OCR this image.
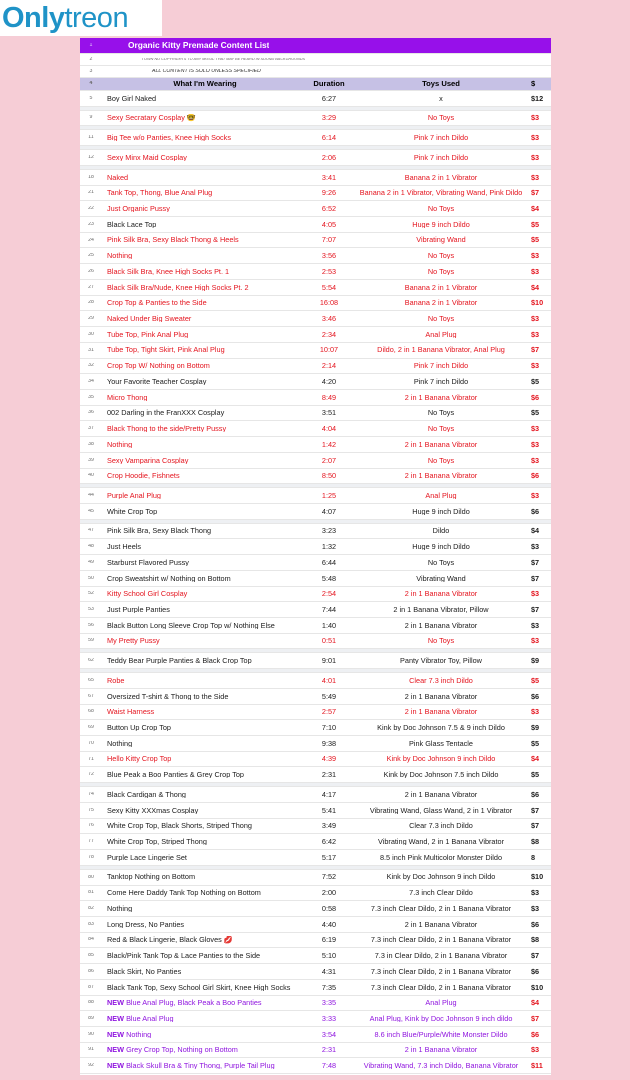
Onlytreon
1	Organic Kitty Premade Content List
2	I OWN NO COPYRIGHTS TO ANY MUSIC THAT MAY BE HEARD IN SOUND BACKGROUNDS
3	ALL CONTENT IS SOLO UNLESS SPECIFIED
4	What I'm Wearing	Duration	Toys Used	$
5	Boy Girl Naked	6:27	x	$12
9	Sexy Secratary Cosplay 🤓	3:29	No Toys	$3
11	Big Tee w/o Panties, Knee High Socks	6:14	Pink 7 inch Dildo	$3
12	Sexy Minx Maid Cosplay	2:06	Pink 7 inch Dildo	$3
18	Naked	3:41	Banana 2 in 1 Vibrator	$3
21	Tank Top, Thong, Blue Anal Plug	9:26	Banana 2 in 1 Vibrator, Vibrating Wand, Pink Dildo	$7
22	Just Organic Pussy	6:52	No Toys	$4
23	Black Lace Top	4:05	Huge 9 inch Dildo	$5
24	Pink Silk Bra, Sexy Black Thong & Heels	7:07	Vibrating Wand	$5
25	Nothing	3:56	No Toys	$3
26	Black Silk Bra, Knee High Socks Pt. 1	2:53	No Toys	$3
27	Black Silk Bra/Nude, Knee High Socks Pt. 2	5:54	Banana 2 in 1 Vibrator	$4
28	Crop Top & Panties to the Side	16:08	Banana 2 in 1 Vibrator	$10
29	Naked Under Big Sweater	3:46	No Toys	$3
30	Tube Top, Pink Anal Plug	2:34	Anal Plug	$3
31	Tube Top, Tight Skirt, Pink Anal Plug	10:07	Dildo, 2 in 1 Banana Vibrator, Anal Plug	$7
32	Crop Top W/ Nothing on Bottom	2:14	Pink 7 inch Dildo	$3
34	Your Favorite Teacher Cosplay	4:20	Pink 7 inch Dildo	$5
35	Micro Thong	8:49	2 in 1 Banana Vibrator	$6
36	002 Darling in the FranXXX Cosplay	3:51	No Toys	$5
37	Black Thong to the side/Pretty Pussy	4:04	No Toys	$3
38	Nothing	1:42	2 in 1 Banana Vibrator	$3
39	Sexy Vamparina Cosplay	2:07	No Toys	$3
40	Crop Hoodie, Fishnets	8:50	2 in 1 Banana Vibrator	$6
44	Purple Anal Plug	1:25	Anal Plug	$3
45	White Crop Top	4:07	Huge 9 inch Dildo	$6
47	Pink Silk Bra, Sexy Black Thong	3:23	Dildo	$4
48	Just Heels	1:32	Huge 9 inch Dildo	$3
49	Starburst Flavored Pussy	6:44	No Toys	$7
50	Crop Sweatshirt w/ Nothing on Bottom	5:48	Vibrating Wand	$7
52	Kitty School Girl Cosplay	2:54	2 in 1 Banana Vibrator	$3
53	Just Purple Panties	7:44	2 in 1 Banana Vibrator, Pillow	$7
56	Black Button Long Sleeve Crop Top w/ Nothing Else	1:40	2 in 1 Banana Vibrator	$3
59	My Pretty Pussy	0:51	No Toys	$3
62	Teddy Bear Purple Panties & Black Crop Top	9:01	Panty Vibrator Toy, Pillow	$9
65	Robe	4:01	Clear 7.3 inch Dildo	$5
67	Oversized T-shirt & Thong to the Side	5:49	2 in 1 Banana Vibrator	$6
68	Waist Harness	2:57	2 in 1 Banana Vibrator	$3
69	Button Up Crop Top	7:10	Kink by Doc Johnson 7.5 & 9 inch Dildo	$9
70	Nothing	9:38	Pink Glass Tentacle	$5
71	Hello Kitty Crop Top	4:39	Kink by Doc Johnson 9 inch Dildo	$4
72	Blue Peak a Boo Panties & Grey Crop Top	2:31	Kink by Doc Johnson 7.5 inch Dildo	$5
74	Black Cardigan & Thong	4:17	2 in 1 Banana Vibrator	$6
75	Sexy Kitty XXXmas Cosplay	5:41	Vibrating Wand, Glass Wand, 2 in 1 Vibrator	$7
76	White Crop Top, Black Shorts, Striped Thong	3:49	Clear 7.3 inch Dildo	$7
77	White Crop Top, Striped Thong	6:42	Vibrating Wand, 2 in 1 Banana Vibrator	$8
78	Purple Lace Lingerie Set	5:17	8.5 inch Pink Multicolor Monster Dildo	8
80	Tanktop Nothing on Bottom	7:52	Kink by Doc Johnson 9 inch Dildo	$10
81	Come Here Daddy Tank Top Nothing on Bottom	2:00	7.3 inch Clear Dildo	$3
82	Nothing	0:58	7.3 inch Clear Dildo, 2 in 1 Banana Vibrator	$3
83	Long Dress, No Panties	4:40	2 in 1 Banana Vibrator	$6
84	Red & Black Lingerie, Black Gloves 💋	6:19	7.3 inch Clear Dildo, 2 in 1 Banana Vibrator	$8
85	Black/Pink Tank Top & Lace Panties to the Side	5:10	7.3 in Clear Dildo, 2 in 1 Banana Vibrator	$7
86	Black Skirt, No Panties	4:31	7.3 inch Clear Dildo, 2 in 1 Banana Vibrator	$6
87	Black Tank Top, Sexy School Girl Skirt, Knee High Socks	7:35	7.3 inch Clear Dildo, 2 in 1 Banana Vibrator	$10
88	NEW Blue Anal Plug, Black Peak a Boo Panties	3:35	Anal Plug	$4
89	NEW Blue Anal Plug	3:33	Anal Plug, Kink by Doc Johnson 9 inch dildo	$7
90	NEW Nothing	3:54	8.6 inch Blue/Purple/White Monster Dildo	$6
91	NEW Grey Crop Top, Nothing on Bottom	2:31	2 in 1 Banana Vibrator	$3
92	NEW Black Skull Bra & Tiny Thong, Purple Tail Plug	7:48	Vibrating Wand, 7.3 inch Dildo, Banana Vibrator	$11
